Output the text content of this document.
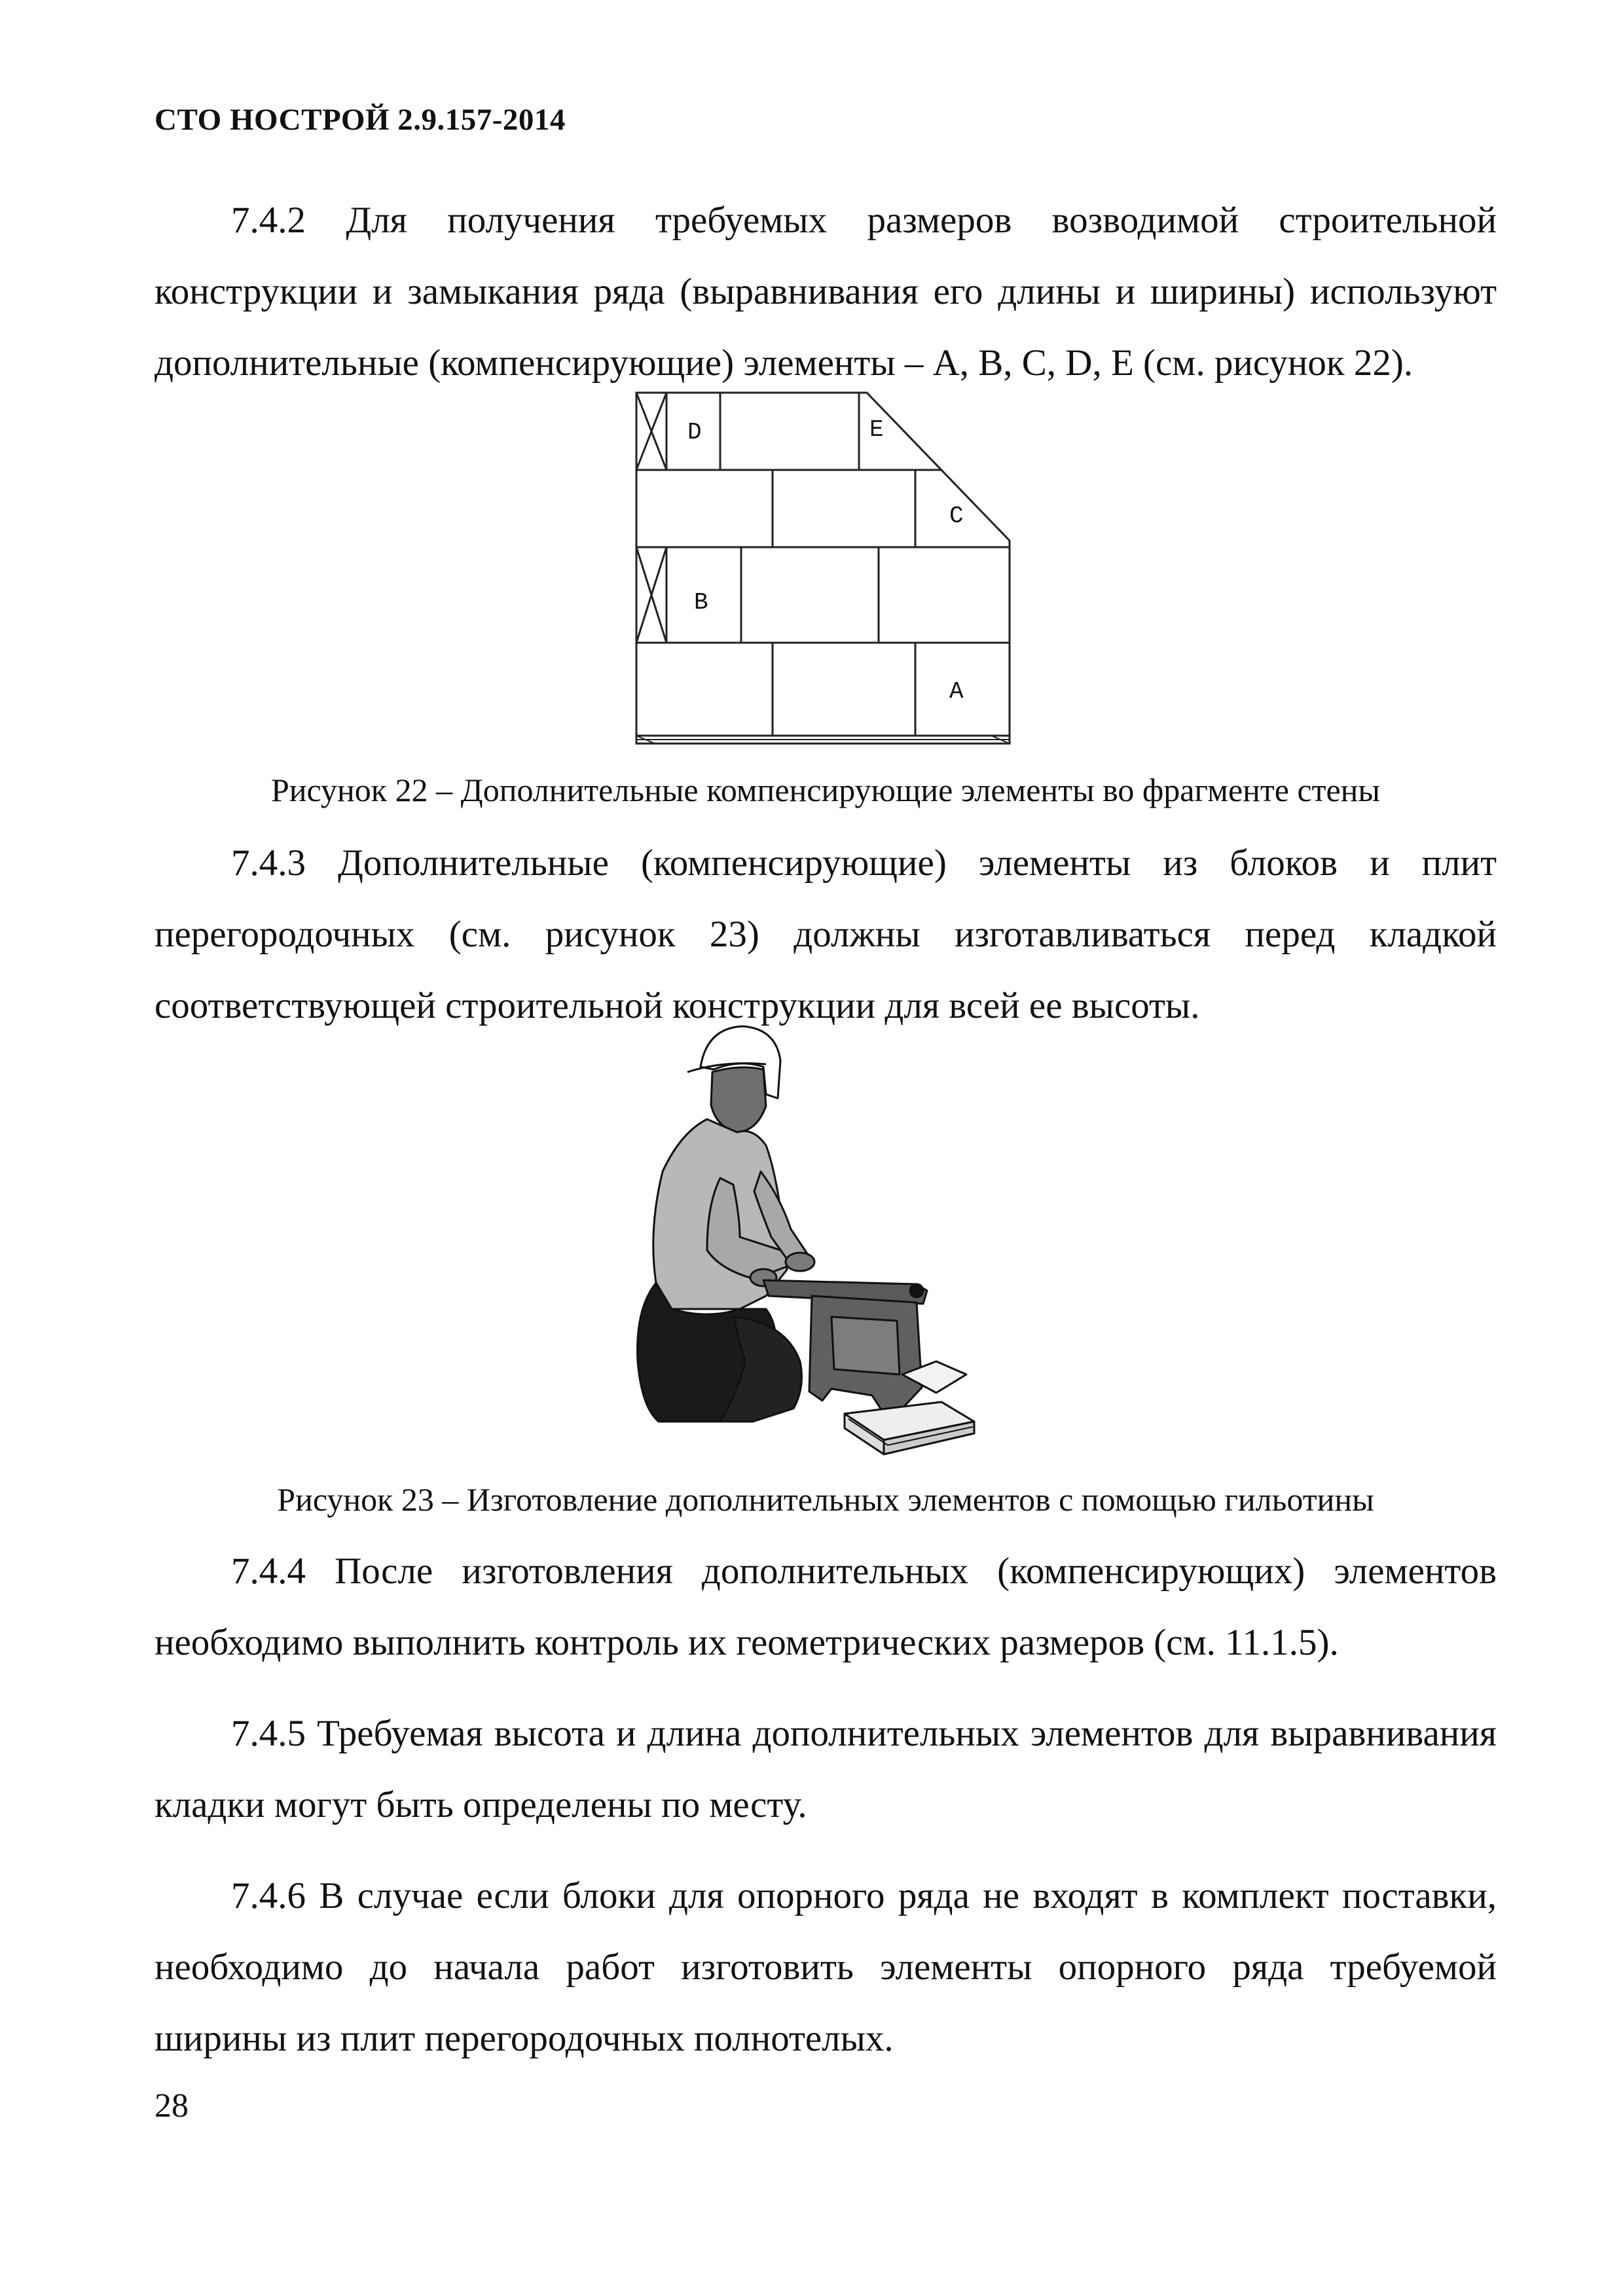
СТО НОСТРОЙ 2.9.157-2014

7.4.2 Для получения требуемых размеров возводимой строительной конструкции и замыкания ряда (выравнивания его длины и ширины) используют дополнительные (компенсирующие) элементы – A, B, C, D, E (см. рисунок 22).

D	E
C
B
A
Рисунок 22 – Дополнительные компенсирующие элементы во фрагменте стены

7.4.3 Дополнительные (компенсирующие) элементы из блоков и плит перегородочных (см. рисунок 23) должны изготавливаться перед кладкой соответствующей строительной конструкции для всей ее высоты.

Рисунок 23 – Изготовление дополнительных элементов с помощью гильотины

7.4.4 После изготовления дополнительных (компенсирующих) элементов необходимо выполнить контроль их геометрических размеров (см. 11.1.5).

7.4.5 Требуемая высота и длина дополнительных элементов для выравнивания кладки могут быть определены по месту.

7.4.6 В случае если блоки для опорного ряда не входят в комплект поставки, необходимо до начала работ изготовить элементы опорного ряда требуемой ширины из плит перегородочных полнотелых.

28
